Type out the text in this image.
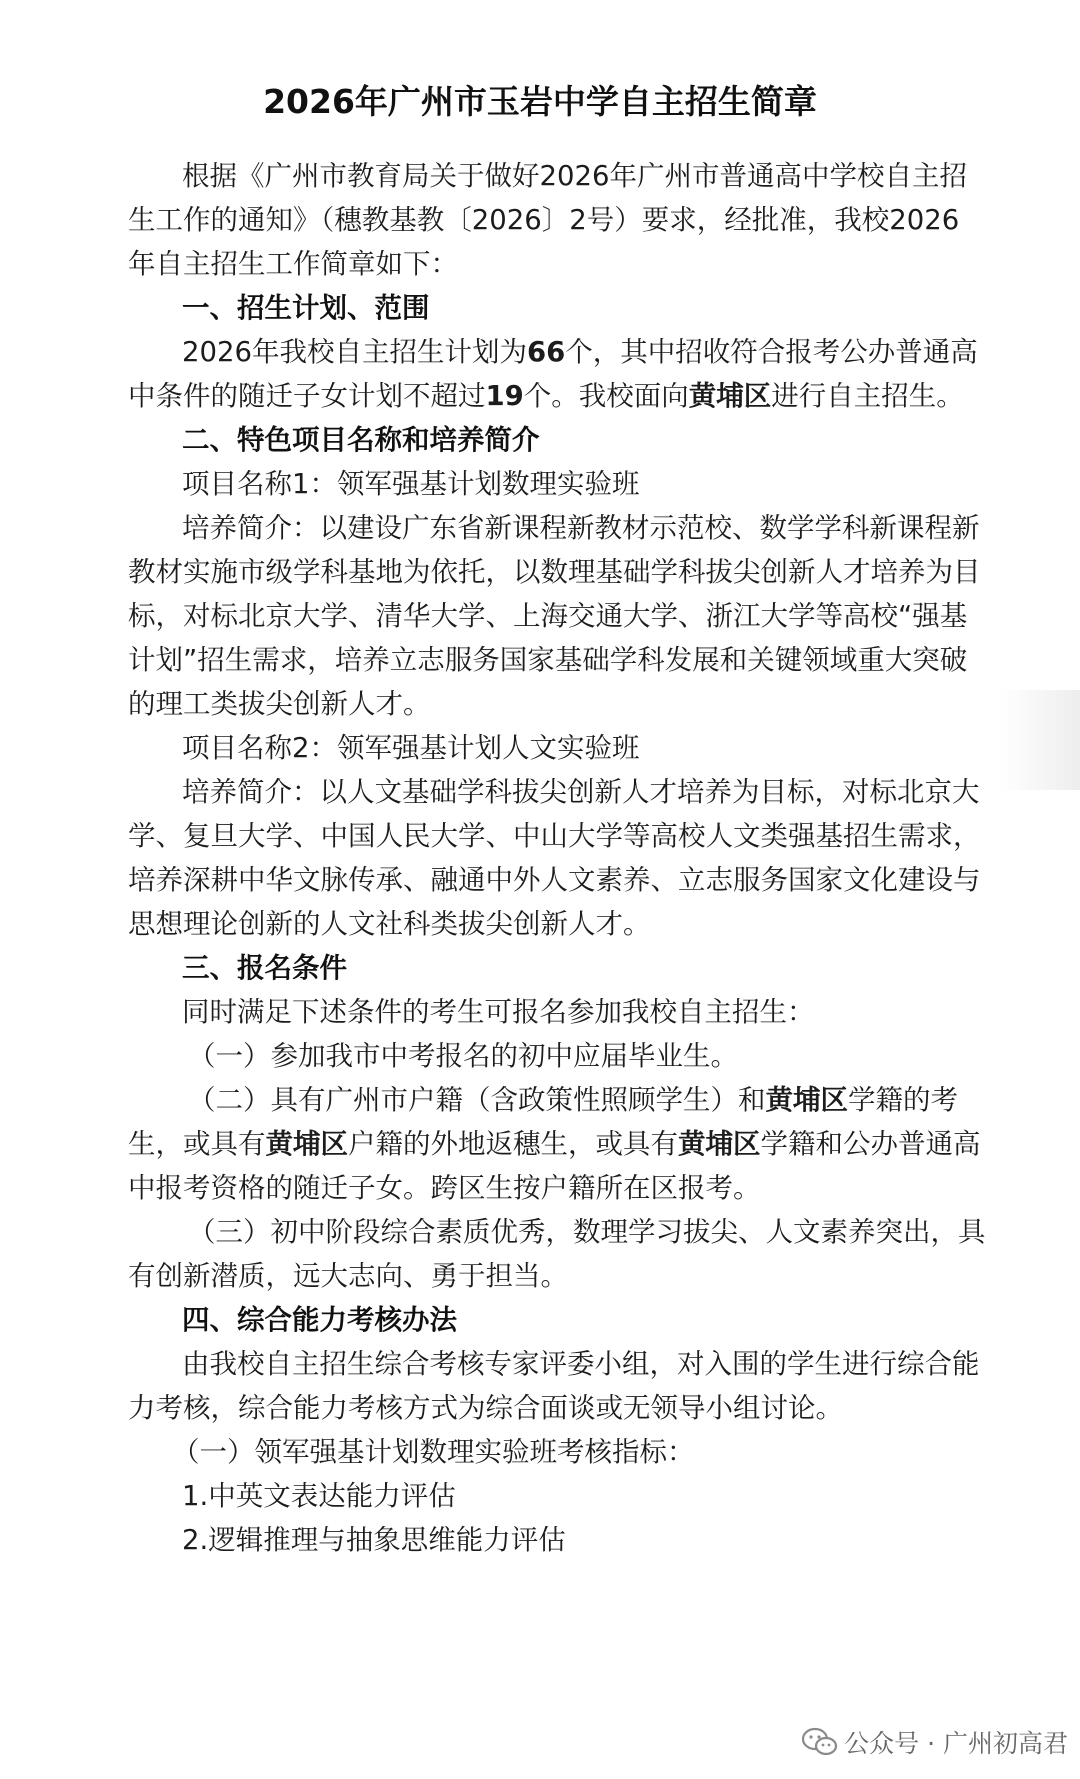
2026年广州市玉岩中学自主招生简章
根据《广州市教育局关于做好2026年广州市普通高中学校自主招
生工作的通知》（穗教基教〔2026〕2号）要求，经批准，我校2026
年自主招生工作简章如下：
一、招生计划、范围
2026年我校自主招生计划为66个，其中招收符合报考公办普通高
中条件的随迁子女计划不超过19个。我校面向黄埔区进行自主招生。
二、特色项目名称和培养简介
项目名称1：领军强基计划数理实验班
培养简介：以建设广东省新课程新教材示范校、数学学科新课程新
教材实施市级学科基地为依托，以数理基础学科拔尖创新人才培养为目
标，对标北京大学、清华大学、上海交通大学、浙江大学等高校“强基
计划”招生需求，培养立志服务国家基础学科发展和关键领域重大突破
的理工类拔尖创新人才。
项目名称2：领军强基计划人文实验班
培养简介：以人文基础学科拔尖创新人才培养为目标，对标北京大
学、复旦大学、中国人民大学、中山大学等高校人文类强基招生需求，
培养深耕中华文脉传承、融通中外人文素养、立志服务国家文化建设与
思想理论创新的人文社科类拔尖创新人才。
三、报名条件
同时满足下述条件的考生可报名参加我校自主招生：
（一）参加我市中考报名的初中应届毕业生。
（二）具有广州市户籍（含政策性照顾学生）和黄埔区学籍的考
生，或具有黄埔区户籍的外地返穗生，或具有黄埔区学籍和公办普通高
中报考资格的随迁子女。跨区生按户籍所在区报考。
（三）初中阶段综合素质优秀，数理学习拔尖、人文素养突出，具
有创新潜质，远大志向、勇于担当。
四、综合能力考核办法
由我校自主招生综合考核专家评委小组，对入围的学生进行综合能
力考核，综合能力考核方式为综合面谈或无领导小组讨论。
（一）领军强基计划数理实验班考核指标：
1.中英文表达能力评估
2.逻辑推理与抽象思维能力评估
公众号 · 广州初高君
